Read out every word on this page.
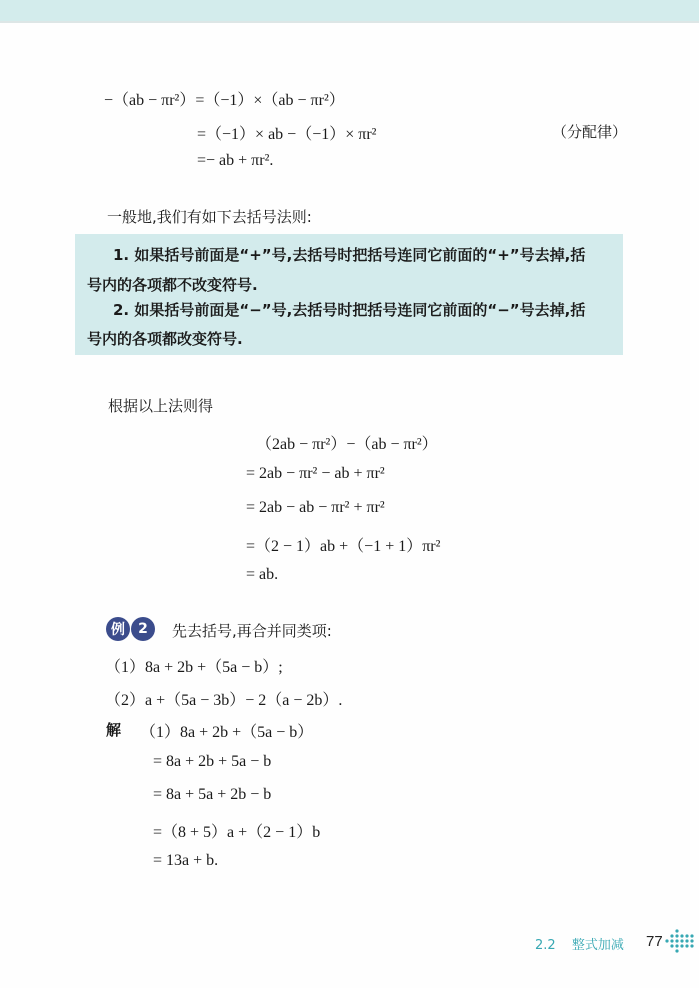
−（ab − πr²）=（−1）×（ab − πr²）
=（−1）× ab −（−1）× πr²	（分配律）
=− ab + πr².
一般地,我们有如下去括号法则:
1. 如果括号前面是“+”号,去括号时把括号连同它前面的“+”号去掉,括
号内的各项都不改变符号.
2. 如果括号前面是“−”号,去括号时把括号连同它前面的“−”号去掉,括
号内的各项都改变符号.
根据以上法则得
（2ab − πr²）−（ab − πr²）
= 2ab − πr² − ab + πr²
= 2ab − ab − πr² + πr²
=（2 − 1）ab +（−1 + 1）πr²
= ab.
例 2	先去括号,再合并同类项:
（1）8a + 2b +（5a − b）;
（2）a +（5a − 3b）− 2（a − 2b）.
解 （1）8a + 2b +（5a − b）
= 8a + 2b + 5a − b
= 8a + 5a + 2b − b
=（8 + 5）a +（2 − 1）b
= 13a + b.
2.2 整式加减 77
